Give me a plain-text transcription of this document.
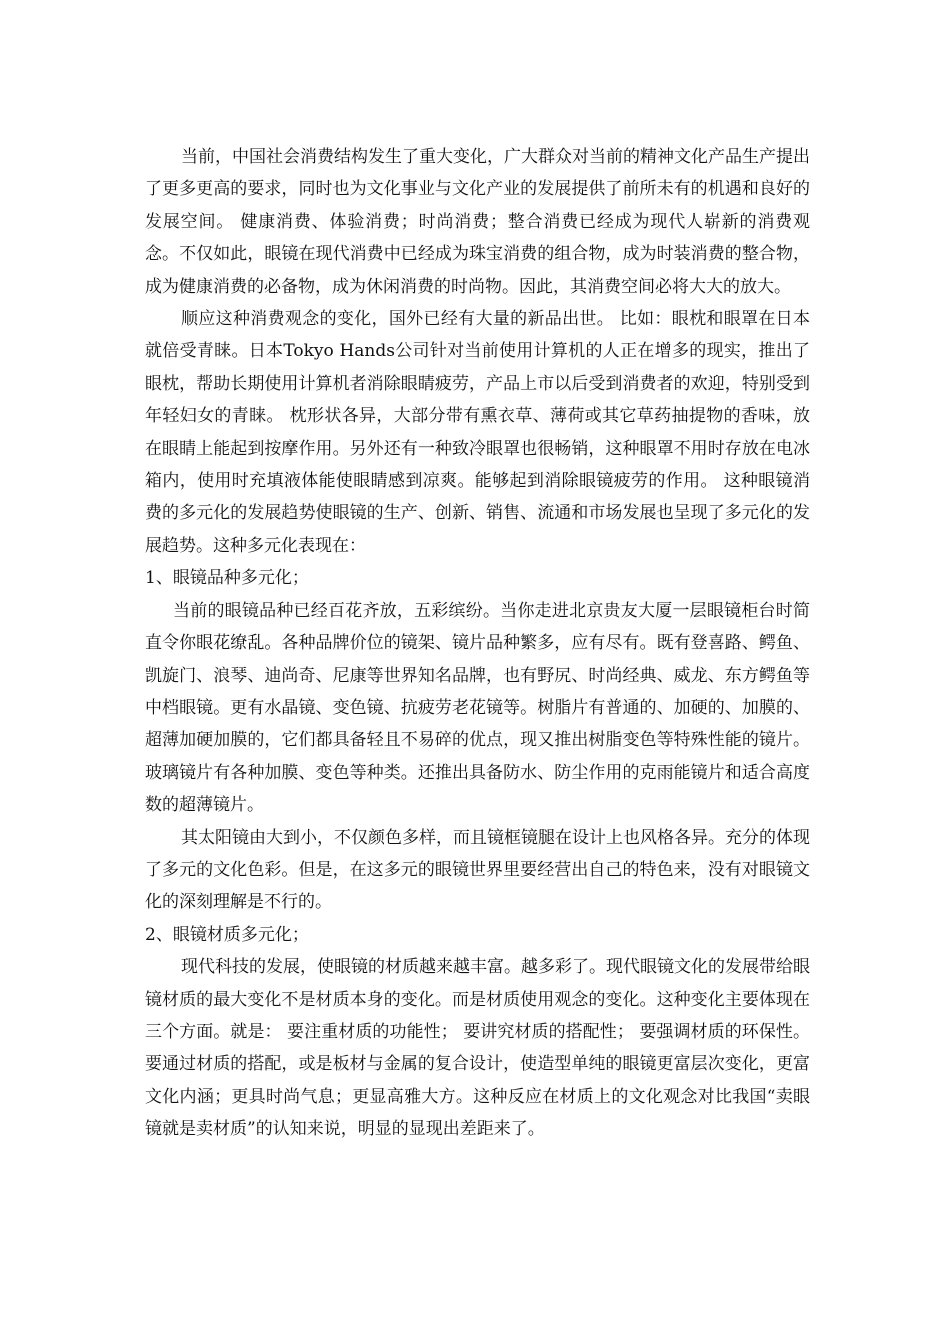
当前，中国社会消费结构发生了重大变化，广大群众对当前的精神文化产品生产提出了更多更高的要求，同时也为文化事业与文化产业的发展提供了前所未有的机遇和良好的发展空间。 健康消费、体验消费；时尚消费；整合消费已经成为现代人崭新的消费观念。不仅如此，眼镜在现代消费中已经成为珠宝消费的组合物，成为时装消费的整合物，成为健康消费的必备物，成为休闲消费的时尚物。因此，其消费空间必将大大的放大。

顺应这种消费观念的变化，国外已经有大量的新品出世。 比如：眼枕和眼罩在日本就倍受青睐。日本Tokyo Hands公司针对当前使用计算机的人正在增多的现实，推出了眼枕，帮助长期使用计算机者消除眼睛疲劳，产品上市以后受到消费者的欢迎，特别受到年轻妇女的青睐。 枕形状各异，大部分带有熏衣草、薄荷或其它草药抽提物的香味，放在眼睛上能起到按摩作用。另外还有一种致冷眼罩也很畅销，这种眼罩不用时存放在电冰箱内，使用时充填液体能使眼睛感到凉爽。能够起到消除眼镜疲劳的作用。 这种眼镜消费的多元化的发展趋势使眼镜的生产、创新、销售、流通和市场发展也呈现了多元化的发展趋势。这种多元化表现在：

1、眼镜品种多元化；

当前的眼镜品种已经百花齐放，五彩缤纷。当你走进北京贵友大厦一层眼镜柜台时简直令你眼花缭乱。各种品牌价位的镜架、镜片品种繁多，应有尽有。既有登喜路、鳄鱼、凯旋门、浪琴、迪尚奇、尼康等世界知名品牌，也有野尻、时尚经典、威龙、东方鳄鱼等中档眼镜。更有水晶镜、变色镜、抗疲劳老花镜等。树脂片有普通的、加硬的、加膜的、超薄加硬加膜的，它们都具备轻且不易碎的优点，现又推出树脂变色等特殊性能的镜片。玻璃镜片有各种加膜、变色等种类。还推出具备防水、防尘作用的克雨能镜片和适合高度数的超薄镜片。

其太阳镜由大到小，不仅颜色多样，而且镜框镜腿在设计上也风格各异。充分的体现了多元的文化色彩。但是，在这多元的眼镜世界里要经营出自己的特色来，没有对眼镜文化的深刻理解是不行的。

2、眼镜材质多元化；

现代科技的发展，使眼镜的材质越来越丰富。越多彩了。现代眼镜文化的发展带给眼镜材质的最大变化不是材质本身的变化。而是材质使用观念的变化。这种变化主要体现在三个方面。就是： 要注重材质的功能性； 要讲究材质的搭配性； 要强调材质的环保性。 要通过材质的搭配，或是板材与金属的复合设计，使造型单纯的眼镜更富层次变化，更富文化内涵；更具时尚气息；更显高雅大方。这种反应在材质上的文化观念对比我国“卖眼镜就是卖材质”的认知来说，明显的显现出差距来了。
